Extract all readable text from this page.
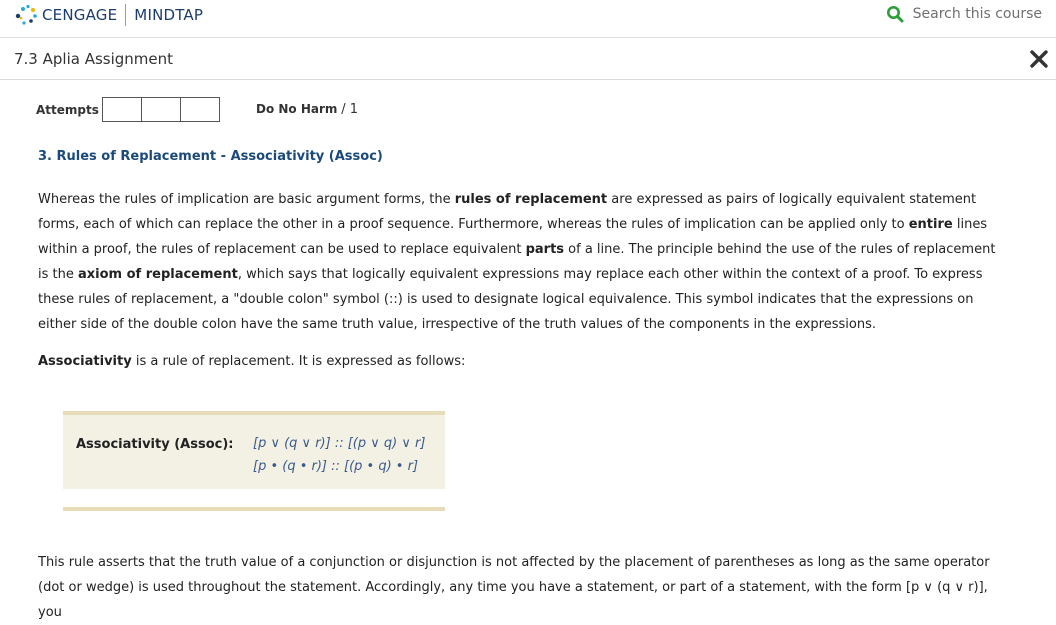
CENGAGE MINDTAP	Search this course
7.3 Aplia Assignment
Attempts	Do No Harm / 1
3. Rules of Replacement - Associativity (Assoc)
Whereas the rules of implication are basic argument forms, the rules of replacement are expressed as pairs of logically equivalent statement forms, each of which can replace the other in a proof sequence. Furthermore, whereas the rules of implication can be applied only to entire lines within a proof, the rules of replacement can be used to replace equivalent parts of a line. The principle behind the use of the rules of replacement is the axiom of replacement, which says that logically equivalent expressions may replace each other within the context of a proof. To express these rules of replacement, a "double colon" symbol (::) is used to designate logical equivalence. This symbol indicates that the expressions on either side of the double colon have the same truth value, irrespective of the truth values of the components in the expressions.
Associativity is a rule of replacement. It is expressed as follows:
Associativity (Assoc): [p ∨ (q ∨ r)] :: [(p ∨ q) ∨ r]
[p • (q • r)] :: [(p • q) • r]
This rule asserts that the truth value of a conjunction or disjunction is not affected by the placement of parentheses as long as the same operator (dot or wedge) is used throughout the statement. Accordingly, any time you have a statement, or part of a statement, with the form [p ∨ (q ∨ r)], you
